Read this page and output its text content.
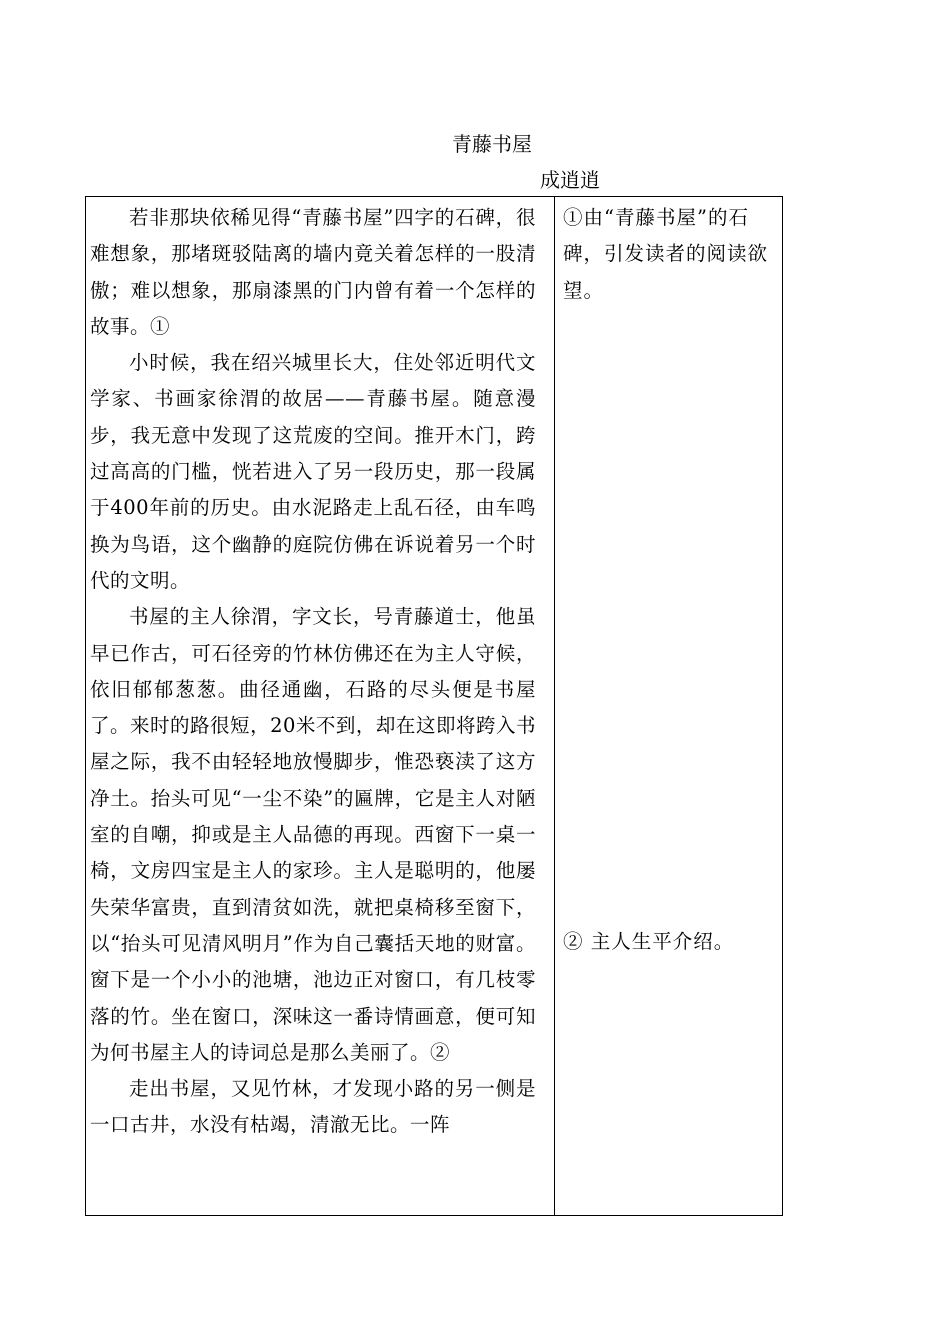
青藤书屋
成逍逍

若非那块依稀见得“青藤书屋”四字的石碑，很难想象，那堵斑驳陆离的墙内竟关着怎样的一股清傲；难以想象，那扇漆黑的门内曾有着一个怎样的故事。①

小时候，我在绍兴城里长大，住处邻近明代文学家、书画家徐渭的故居——青藤书屋。随意漫步，我无意中发现了这荒废的空间。推开木门，跨过高高的门槛，恍若进入了另一段历史，那一段属于400年前的历史。由水泥路走上乱石径，由车鸣换为鸟语，这个幽静的庭院仿佛在诉说着另一个时代的文明。

书屋的主人徐渭，字文长，号青藤道士，他虽早已作古，可石径旁的竹林仿佛还在为主人守候，依旧郁郁葱葱。曲径通幽，石路的尽头便是书屋了。来时的路很短，20米不到，却在这即将跨入书屋之际，我不由轻轻地放慢脚步，惟恐亵渎了这方净土。抬头可见“一尘不染”的匾牌，它是主人对陋室的自嘲，抑或是主人品德的再现。西窗下一桌一椅，文房四宝是主人的家珍。主人是聪明的，他屡失荣华富贵，直到清贫如洗，就把桌椅移至窗下，以“抬头可见清风明月”作为自己囊括天地的财富。窗下是一个小小的池塘，池边正对窗口，有几枝零落的竹。坐在窗口，深味这一番诗情画意，便可知为何书屋主人的诗词总是那么美丽了。②

走出书屋，又见竹林，才发现小路的另一侧是一口古井，水没有枯竭，清澈无比。一阵

①由“青藤书屋”的石碑，引发读者的阅读欲望。

② 主人生平介绍。
